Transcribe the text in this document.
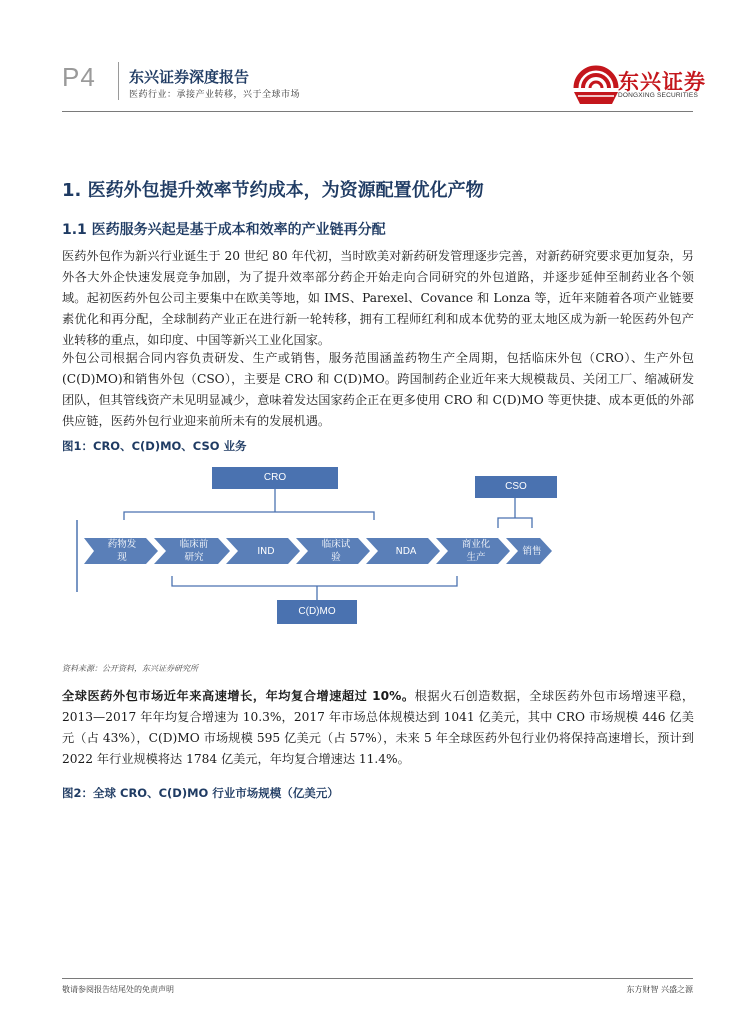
P4 东兴证券深度报告
医药行业：承接产业转移，兴于全球市场
东兴证券
DONGXING SECURITIES
1. 医药外包提升效率节约成本，为资源配置优化产物
1.1 医药服务兴起是基于成本和效率的产业链再分配
医药外包作为新兴行业诞生于 20 世纪 80 年代初，当时欧美对新药研发管理逐步完善，对新药研究要求更加复杂，另外各大外企快速发展竞争加剧，为了提升效率部分药企开始走向合同研究的外包道路，并逐步延伸至制药业各个领域。起初医药外包公司主要集中在欧美等地，如 IMS、Parexel、Covance 和 Lonza 等，近年来随着各项产业链要素优化和再分配，全球制药产业正在进行新一轮转移，拥有工程师红利和成本优势的亚太地区成为新一轮医药外包产业转移的重点，如印度、中国等新兴工业化国家。
外包公司根据合同内容负责研发、生产或销售，服务范围涵盖药物生产全周期，包括临床外包（CRO）、生产外包(C(D)MO)和销售外包（CSO），主要是 CRO 和 C(D)MO。跨国制药企业近年来大规模裁员、关闭工厂、缩减研发团队，但其管线资产未见明显减少，意味着发达国家药企正在更多使用 CRO 和 C(D)MO 等更快捷、成本更低的外部供应链，医药外包行业迎来前所未有的发展机遇。
图1：CRO、C(D)MO、CSO 业务
CRO
CSO
C(D)MO
药物发
现
临床前
研究
IND
临床试
验
NDA
商业化
生产
销售
资料来源：公开资料，东兴证券研究所
全球医药外包市场近年来高速增长，年均复合增速超过 10%。根据火石创造数据，全球医药外包市场增速平稳，2013—2017 年年均复合增速为 10.3%，2017 年市场总体规模达到 1041 亿美元，其中 CRO 市场规模 446 亿美元（占 43%），C(D)MO 市场规模 595 亿美元（占 57%），未来 5 年全球医药外包行业仍将保持高速增长，预计到 2022 年行业规模将达 1784 亿美元，年均复合增速达 11.4%。
图2：全球 CRO、C(D)MO 行业市场规模（亿美元）
敬请参阅报告结尾处的免责声明	东方财智 兴盛之源
